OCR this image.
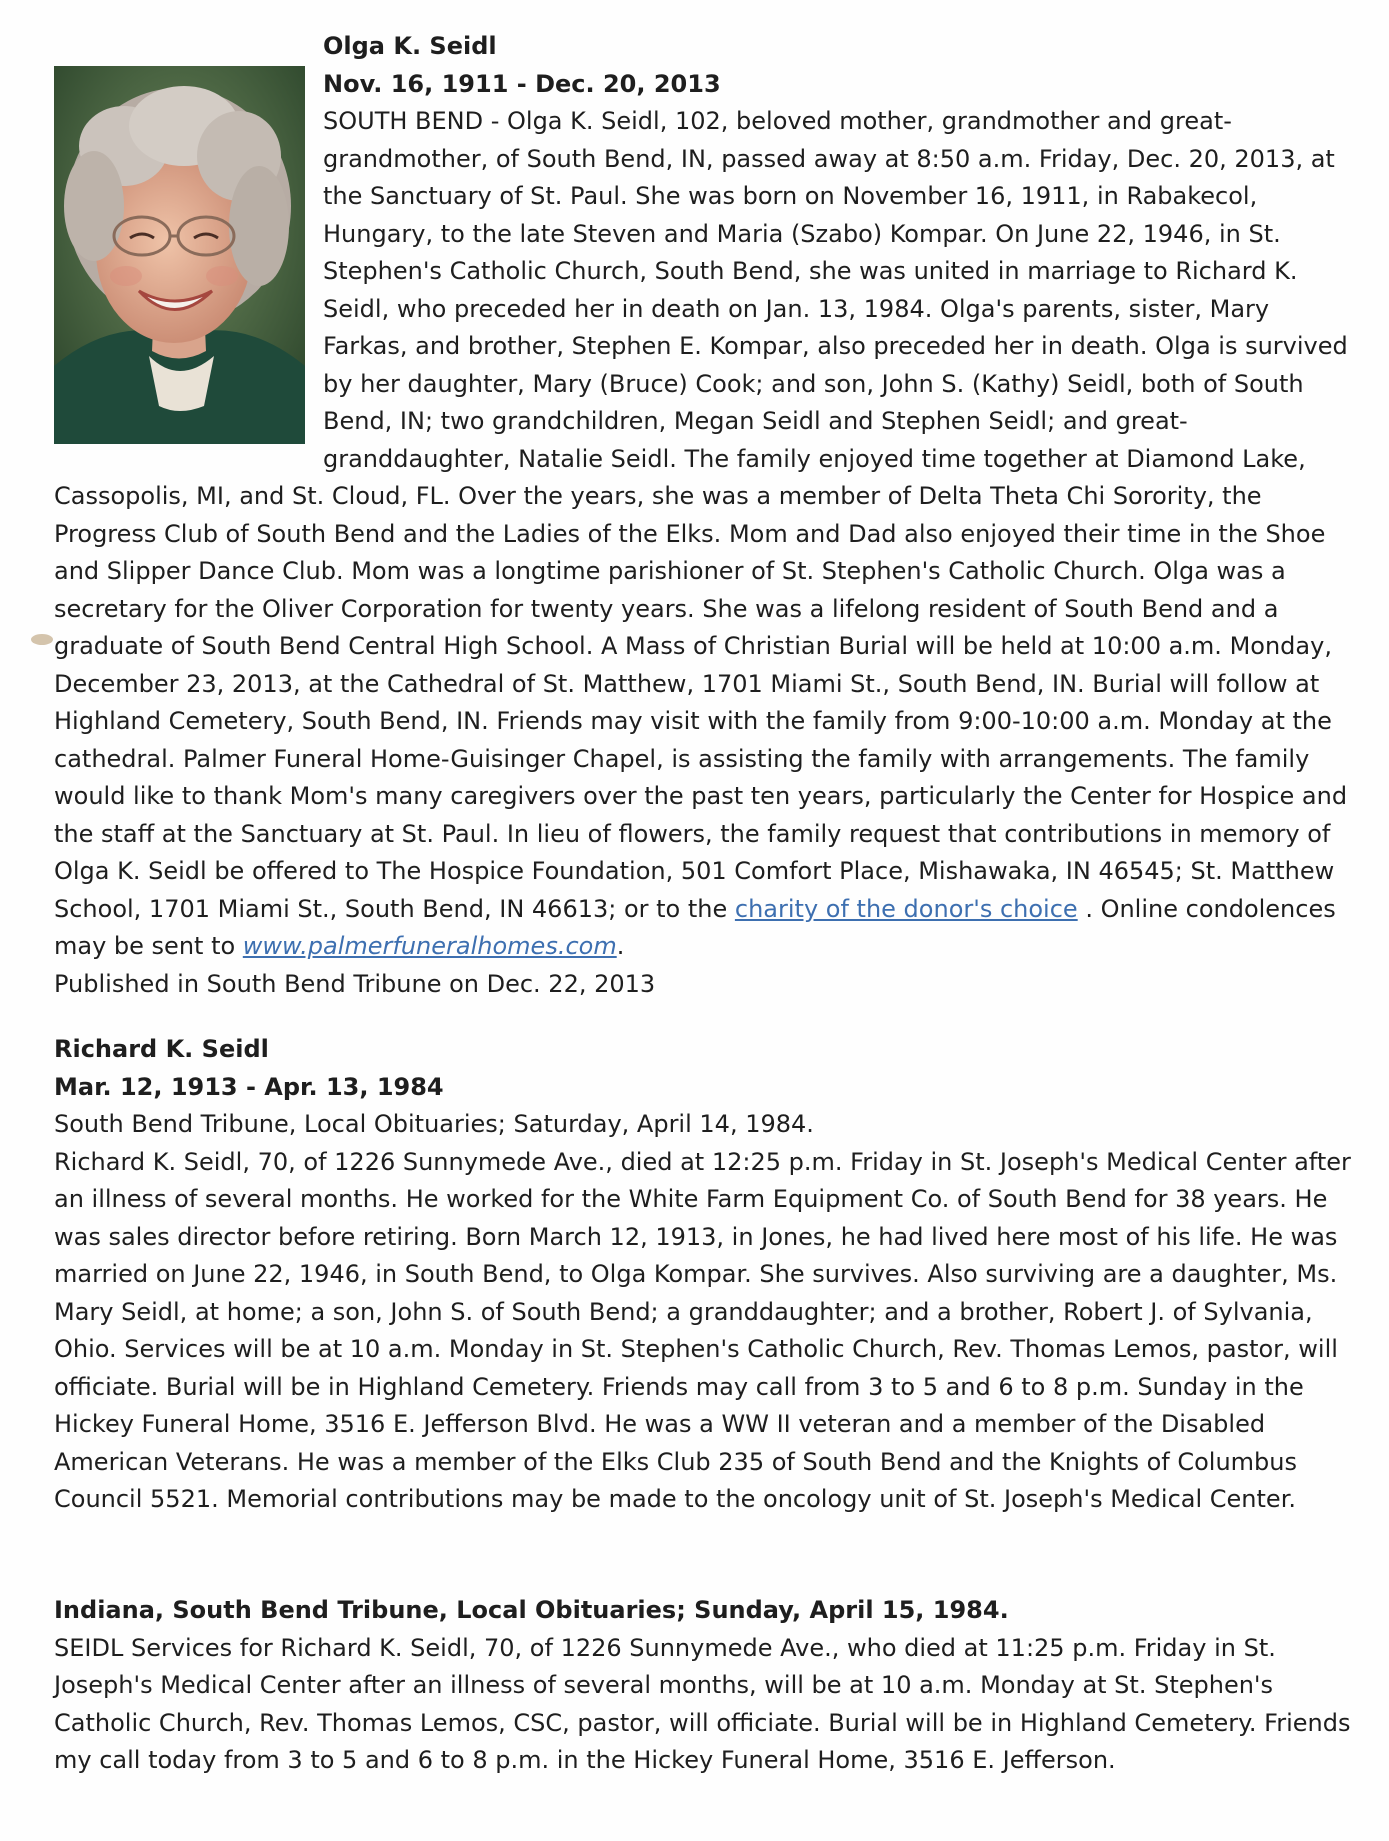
Olga K. Seidl
Nov. 16, 1911 - Dec. 20, 2013

SOUTH BEND - Olga K. Seidl, 102, beloved mother, grandmother and great-grandmother, of South Bend, IN, passed away at 8:50 a.m. Friday, Dec. 20, 2013, at the Sanctuary of St. Paul. She was born on November 16, 1911, in Rabakecol, Hungary, to the late Steven and Maria (Szabo) Kompar. On June 22, 1946, in St. Stephen's Catholic Church, South Bend, she was united in marriage to Richard K. Seidl, who preceded her in death on Jan. 13, 1984. Olga's parents, sister, Mary Farkas, and brother, Stephen E. Kompar, also preceded her in death. Olga is survived by her daughter, Mary (Bruce) Cook; and son, John S. (Kathy) Seidl, both of South Bend, IN; two grandchildren, Megan Seidl and Stephen Seidl; and great-granddaughter, Natalie Seidl. The family enjoyed time together at Diamond Lake, Cassopolis, MI, and St. Cloud, FL. Over the years, she was a member of Delta Theta Chi Sorority, the Progress Club of South Bend and the Ladies of the Elks. Mom and Dad also enjoyed their time in the Shoe and Slipper Dance Club. Mom was a longtime parishioner of St. Stephen's Catholic Church. Olga was a secretary for the Oliver Corporation for twenty years. She was a lifelong resident of South Bend and a graduate of South Bend Central High School. A Mass of Christian Burial will be held at 10:00 a.m. Monday, December 23, 2013, at the Cathedral of St. Matthew, 1701 Miami St., South Bend, IN. Burial will follow at Highland Cemetery, South Bend, IN. Friends may visit with the family from 9:00-10:00 a.m. Monday at the cathedral. Palmer Funeral Home-Guisinger Chapel, is assisting the family with arrangements. The family would like to thank Mom's many caregivers over the past ten years, particularly the Center for Hospice and the staff at the Sanctuary at St. Paul. In lieu of flowers, the family request that contributions in memory of Olga K. Seidl be offered to The Hospice Foundation, 501 Comfort Place, Mishawaka, IN 46545; St. Matthew School, 1701 Miami St., South Bend, IN 46613; or to the charity of the donor's choice . Online condolences may be sent to www.palmerfuneralhomes.com.

Published in South Bend Tribune on Dec. 22, 2013

Richard K. Seidl
Mar. 12, 1913 - Apr. 13, 1984

South Bend Tribune, Local Obituaries; Saturday, April 14, 1984.

Richard K. Seidl, 70, of 1226 Sunnymede Ave., died at 12:25 p.m. Friday in St. Joseph's Medical Center after an illness of several months. He worked for the White Farm Equipment Co. of South Bend for 38 years. He was sales director before retiring. Born March 12, 1913, in Jones, he had lived here most of his life. He was married on June 22, 1946, in South Bend, to Olga Kompar. She survives. Also surviving are a daughter, Ms. Mary Seidl, at home; a son, John S. of South Bend; a granddaughter; and a brother, Robert J. of Sylvania, Ohio. Services will be at 10 a.m. Monday in St. Stephen's Catholic Church, Rev. Thomas Lemos, pastor, will officiate. Burial will be in Highland Cemetery. Friends may call from 3 to 5 and 6 to 8 p.m. Sunday in the Hickey Funeral Home, 3516 E. Jefferson Blvd. He was a WW II veteran and a member of the Disabled American Veterans. He was a member of the Elks Club 235 of South Bend and the Knights of Columbus Council 5521. Memorial contributions may be made to the oncology unit of St. Joseph's Medical Center.

Indiana, South Bend Tribune, Local Obituaries; Sunday, April 15, 1984.

SEIDL Services for Richard K. Seidl, 70, of 1226 Sunnymede Ave., who died at 11:25 p.m. Friday in St. Joseph's Medical Center after an illness of several months, will be at 10 a.m. Monday at St. Stephen's Catholic Church, Rev. Thomas Lemos, CSC, pastor, will officiate. Burial will be in Highland Cemetery. Friends my call today from 3 to 5 and 6 to 8 p.m. in the Hickey Funeral Home, 3516 E. Jefferson.
